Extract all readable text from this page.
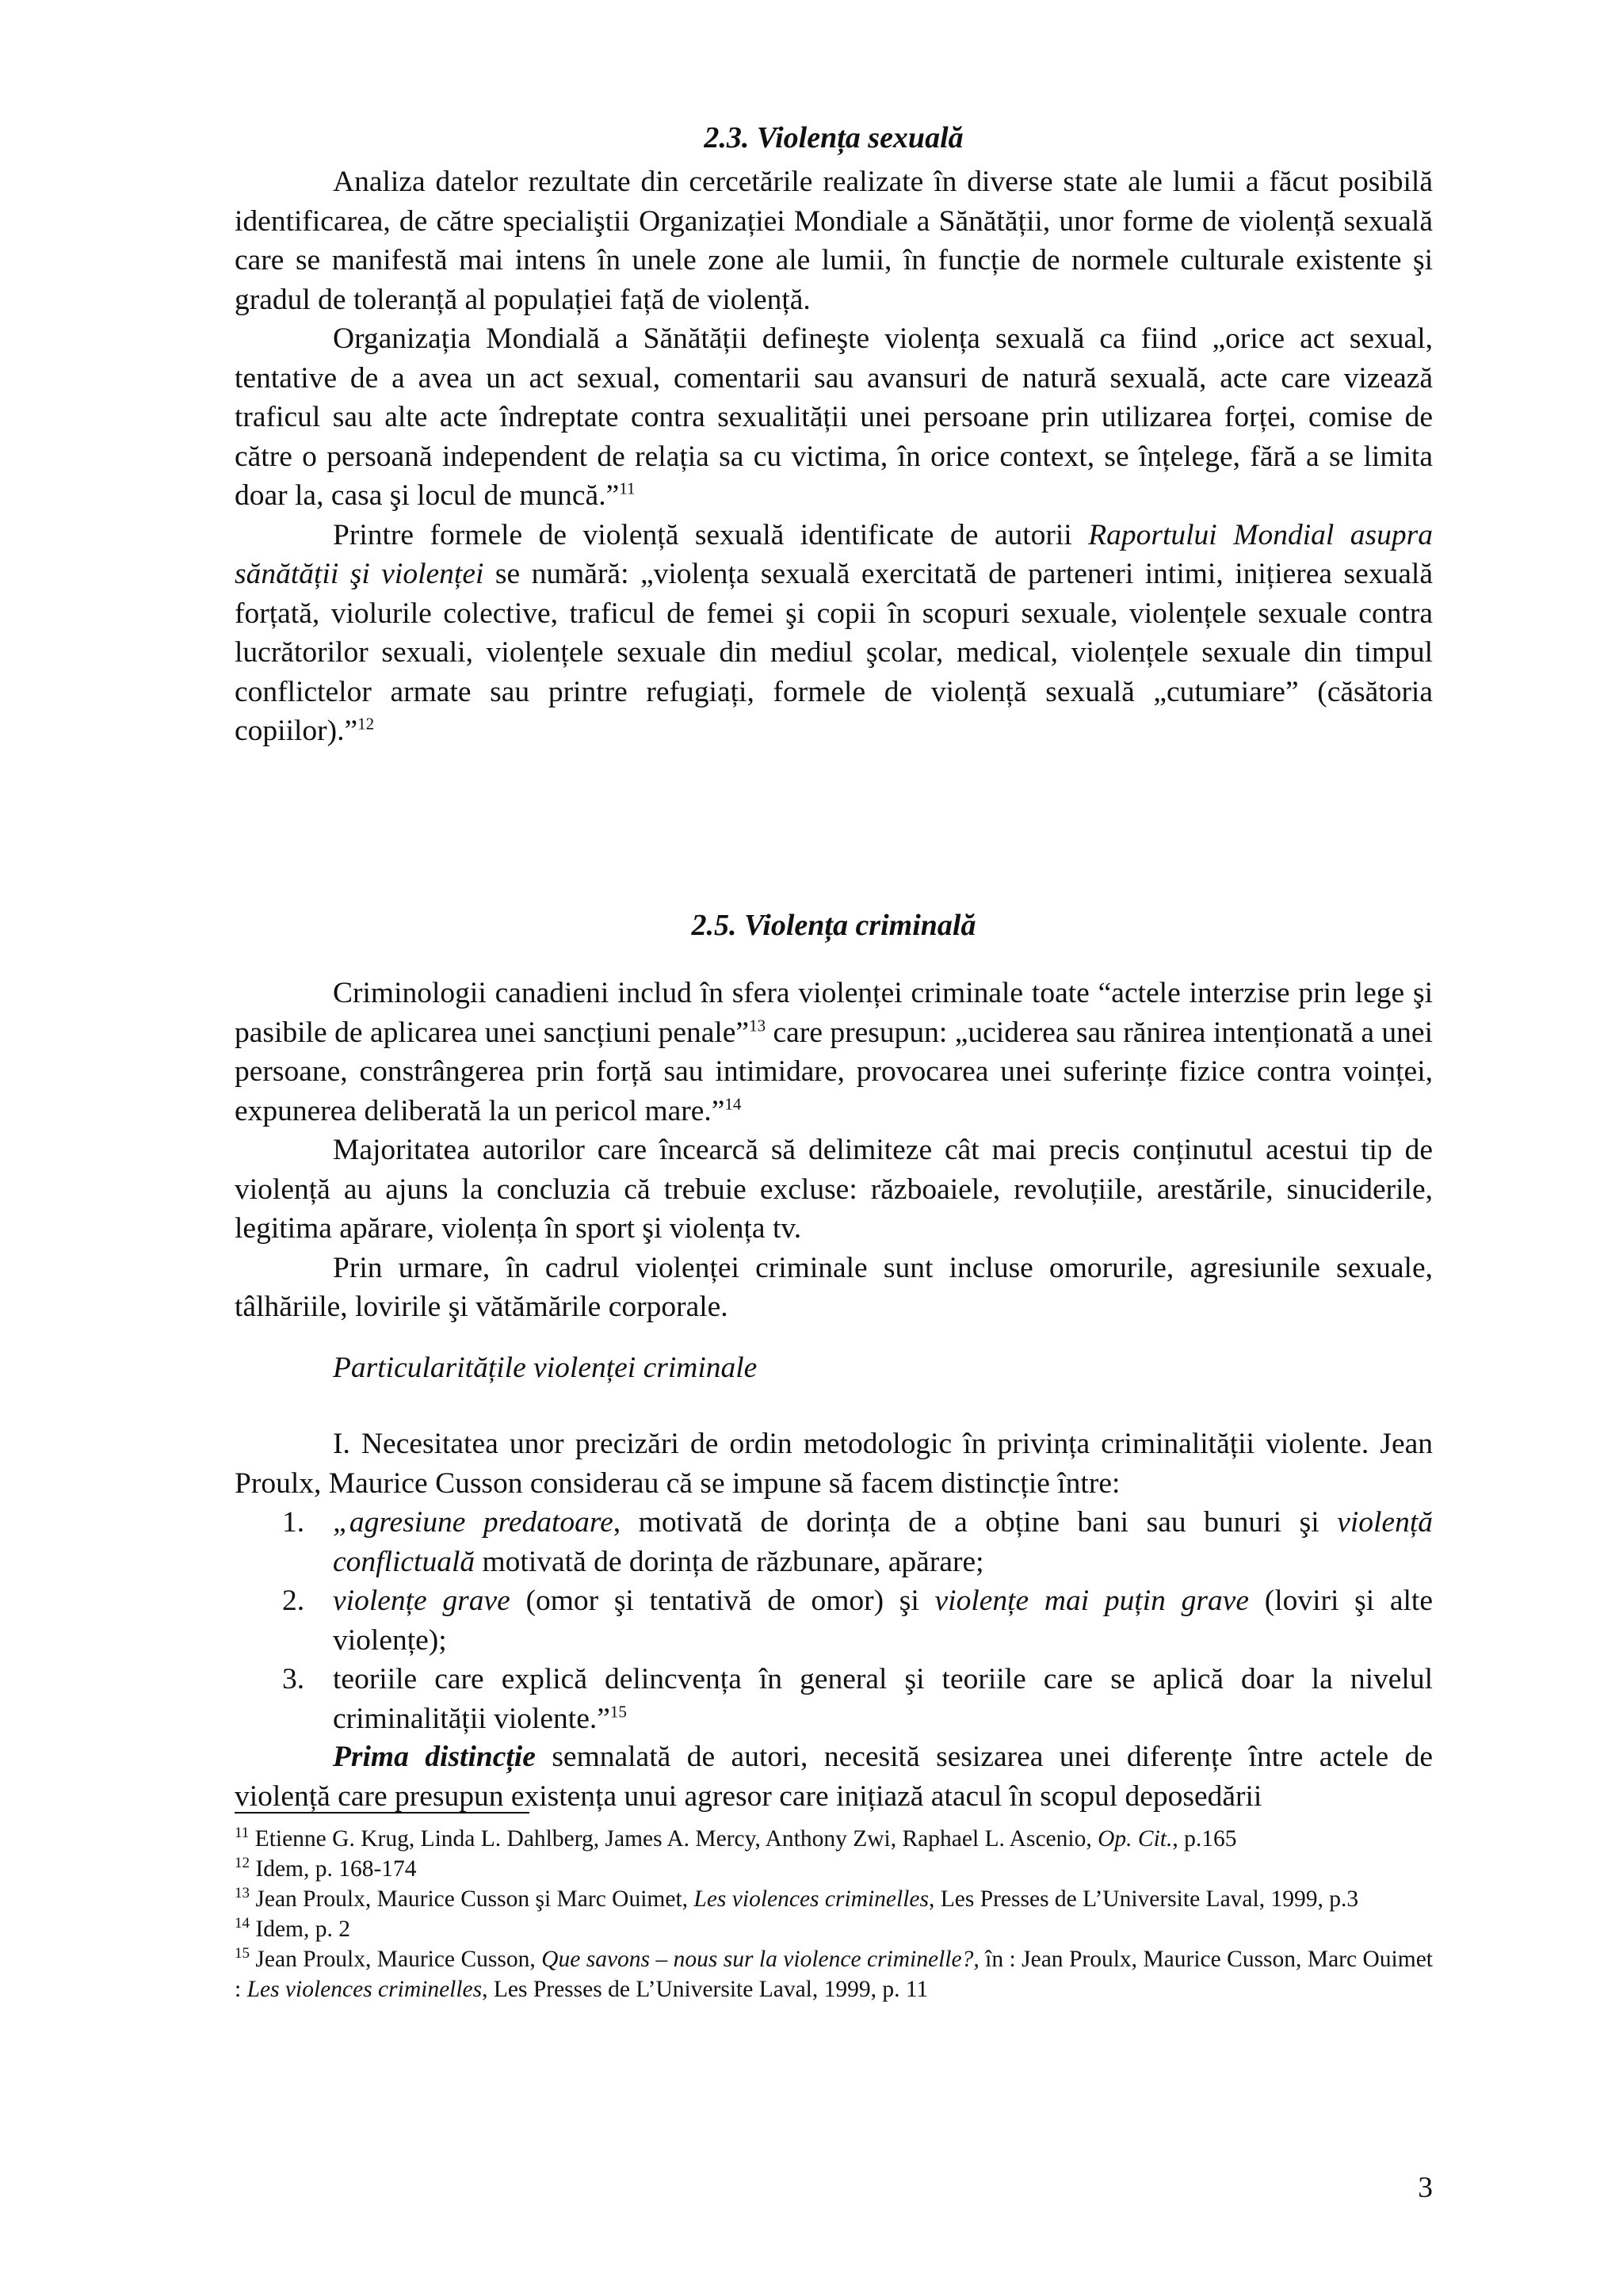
2.3. Violența sexuală

Analiza datelor rezultate din cercetările realizate în diverse state ale lumii a făcut posibilă identificarea, de către specialiştii Organizației Mondiale a Sănătății, unor forme de violență sexuală care se manifestă mai intens în unele zone ale lumii, în funcție de normele culturale existente şi gradul de toleranță al populației față de violență.

Organizația Mondială a Sănătății defineşte violența sexuală ca fiind „orice act sexual, tentative de a avea un act sexual, comentarii sau avansuri de natură sexuală, acte care vizează traficul sau alte acte îndreptate contra sexualității unei persoane prin utilizarea forței, comise de către o persoană independent de relația sa cu victima, în orice context, se înțelege, fără a se limita doar la, casa şi locul de muncă.”$^{11}$

Printre formele de violență sexuală identificate de autorii Raportului Mondial asupra sănătății şi violenței se numără: „violența sexuală exercitată de parteneri intimi, inițierea sexuală forțată, violurile colective, traficul de femei şi copii în scopuri sexuale, violențele sexuale contra lucrătorilor sexuali, violențele sexuale din mediul şcolar, medical, violențele sexuale din timpul conflictelor armate sau printre refugiați, formele de violență sexuală „cutumiare” (căsătoria copiilor).”$^{12}$

2.5. Violența criminală

Criminologii canadieni includ în sfera violenței criminale toate “actele interzise prin lege şi pasibile de aplicarea unei sancțiuni penale”$^{13}$ care presupun: „uciderea sau rănirea intenționată a unei persoane, constrângerea prin forță sau intimidare, provocarea unei suferințe fizice contra voinței, expunerea deliberată la un pericol mare.”$^{14}$

Majoritatea autorilor care încearcă să delimiteze cât mai precis conținutul acestui tip de violență au ajuns la concluzia că trebuie excluse: războaiele, revoluțiile, arestările, sinuciderile, legitima apărare, violența în sport şi violența tv.

Prin urmare, în cadrul violenței criminale sunt incluse omorurile, agresiunile sexuale, tâlhăriile, lovirile şi vătămările corporale.

Particularitățile violenței criminale

I. Necesitatea unor precizări de ordin metodologic în privința criminalității violente. Jean Proulx, Maurice Cusson considerau că se impune să facem distincție între:

1. „agresiune predatoare, motivată de dorința de a obține bani sau bunuri şi violență conflictuală motivată de dorința de răzbunare, apărare;
2. violențe grave (omor şi tentativă de omor) şi violențe mai puțin grave (loviri şi alte violențe);
3. teoriile care explică delincvența în general şi teoriile care se aplică doar la nivelul criminalității violente.”$^{15}$

Prima distincție semnalată de autori, necesită sesizarea unei diferențe între actele de violență care presupun existența unui agresor care inițiază atacul în scopul deposedării

$^{11}$ Etienne G. Krug, Linda L. Dahlberg, James A. Mercy, Anthony Zwi, Raphael L. Ascenio, Op. Cit., p.165

$^{12}$ Idem, p. 168-174

$^{13}$ Jean Proulx, Maurice Cusson şi Marc Ouimet, Les violences criminelles, Les Presses de L’Universite Laval, 1999, p.3

$^{14}$ Idem, p. 2

$^{15}$ Jean Proulx, Maurice Cusson, Que savons – nous sur la violence criminelle?, în : Jean Proulx, Maurice Cusson, Marc Ouimet : Les violences criminelles, Les Presses de L’Universite Laval, 1999, p. 11

3
